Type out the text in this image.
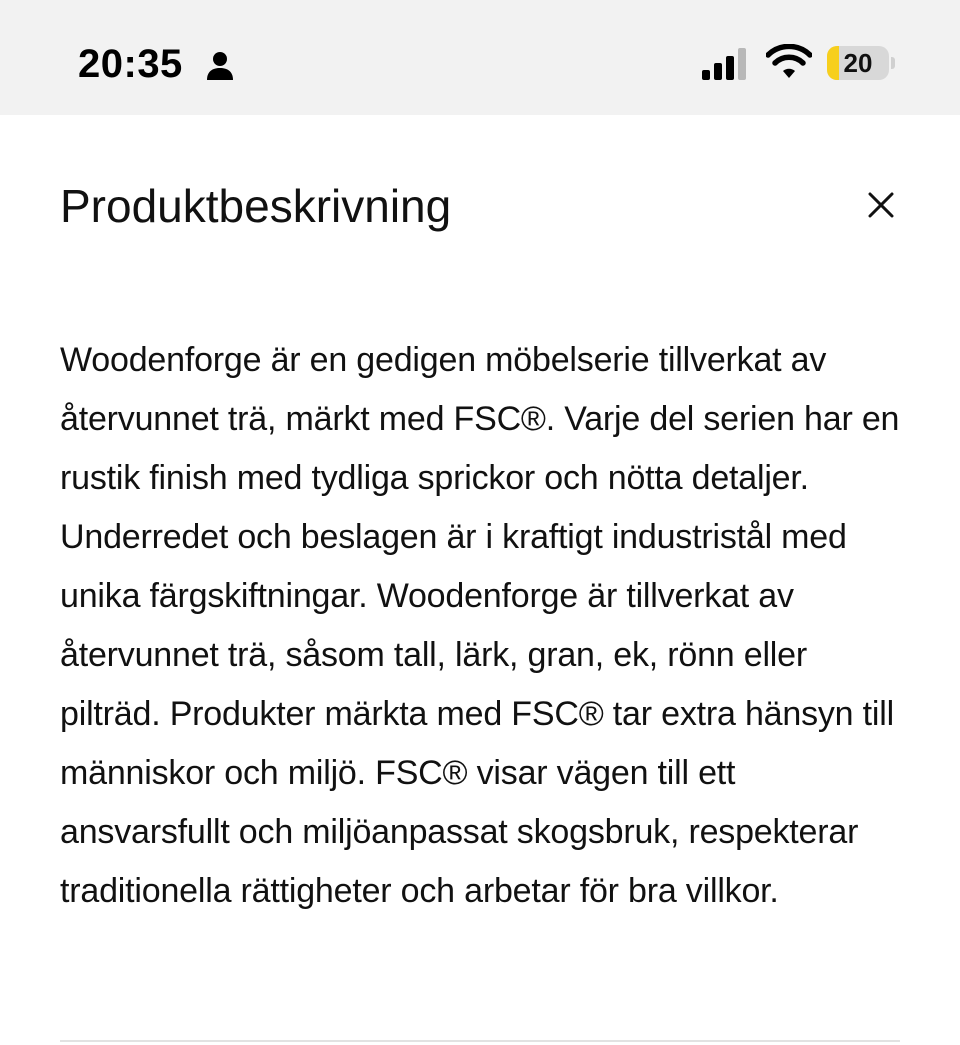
20:35	20
Produktbeskrivning

Woodenforge är en gedigen möbelserie tillverkat av återvunnet trä, märkt med FSC®. Varje del serien har en rustik finish med tydliga sprickor och nötta detaljer. Underredet och beslagen är i kraftigt industristål med unika färgskiftningar. Woodenforge är tillverkat av återvunnet trä, såsom tall, lärk, gran, ek, rönn eller pilträd. Produkter märkta med FSC® tar extra hänsyn till människor och miljö. FSC® visar vägen till ett ansvarsfullt och miljöanpassat skogsbruk, respekterar traditionella rättigheter och arbetar för bra villkor.
